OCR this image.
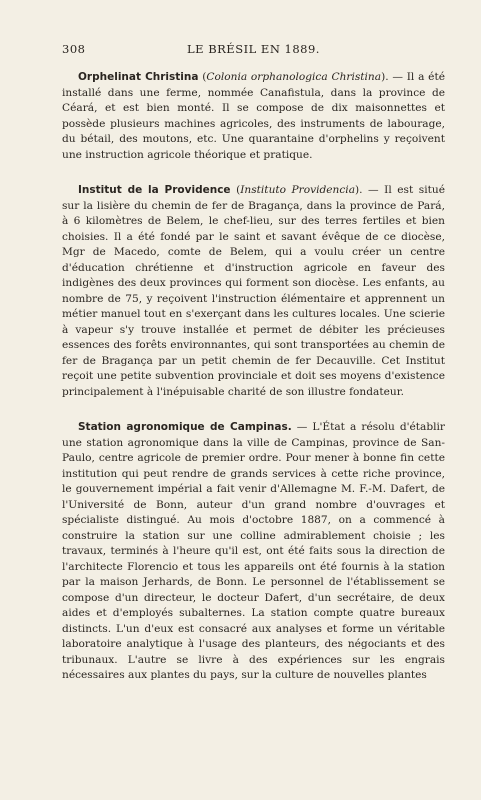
308	LE BRÉSIL EN 1889.

Orphelinat Christina (Colonia orphanologica Christina). — Il a été installé dans une ferme, nommée Canafistula, dans la province de Céará, et est bien monté. Il se compose de dix maisonnettes et possède plusieurs machines agricoles, des instruments de labourage, du bétail, des moutons, etc. Une quarantaine d'orphelins y reçoivent une instruction agricole théorique et pratique.

Institut de la Providence (Instituto Providencia). — Il est situé sur la lisière du chemin de fer de Bragança, dans la province de Pará, à 6 kilomètres de Belem, le chef-lieu, sur des terres fertiles et bien choisies. Il a été fondé par le saint et savant évêque de ce diocèse, Mgr de Macedo, comte de Belem, qui a voulu créer un centre d'éducation chrétienne et d'instruction agricole en faveur des indigènes des deux provinces qui forment son diocèse. Les enfants, au nombre de 75, y reçoivent l'instruction élémentaire et apprennent un métier manuel tout en s'exerçant dans les cultures locales. Une scierie à vapeur s'y trouve installée et permet de débiter les précieuses essences des forêts environnantes, qui sont transportées au chemin de fer de Bragança par un petit chemin de fer Decauville. Cet Institut reçoit une petite subvention provinciale et doit ses moyens d'existence principalement à l'inépuisable charité de son illustre fondateur.

Station agronomique de Campinas. — L'État a résolu d'établir une station agronomique dans la ville de Campinas, province de San-Paulo, centre agricole de premier ordre. Pour mener à bonne fin cette institution qui peut rendre de grands services à cette riche province, le gouvernement impérial a fait venir d'Allemagne M. F.-M. Dafert, de l'Université de Bonn, auteur d'un grand nombre d'ouvrages et spécialiste distingué. Au mois d'octobre 1887, on a commencé à construire la station sur une colline admirablement choisie ; les travaux, terminés à l'heure qu'il est, ont été faits sous la direction de l'architecte Florencio et tous les appareils ont été fournis à la station par la maison Jerhards, de Bonn. Le personnel de l'établissement se compose d'un directeur, le docteur Dafert, d'un secrétaire, de deux aides et d'employés subalternes. La station compte quatre bureaux distincts. L'un d'eux est consacré aux analyses et forme un véritable laboratoire analytique à l'usage des planteurs, des négociants et des tribunaux. L'autre se livre à des expériences sur les engrais nécessaires aux plantes du pays, sur la culture de nouvelles plantes
